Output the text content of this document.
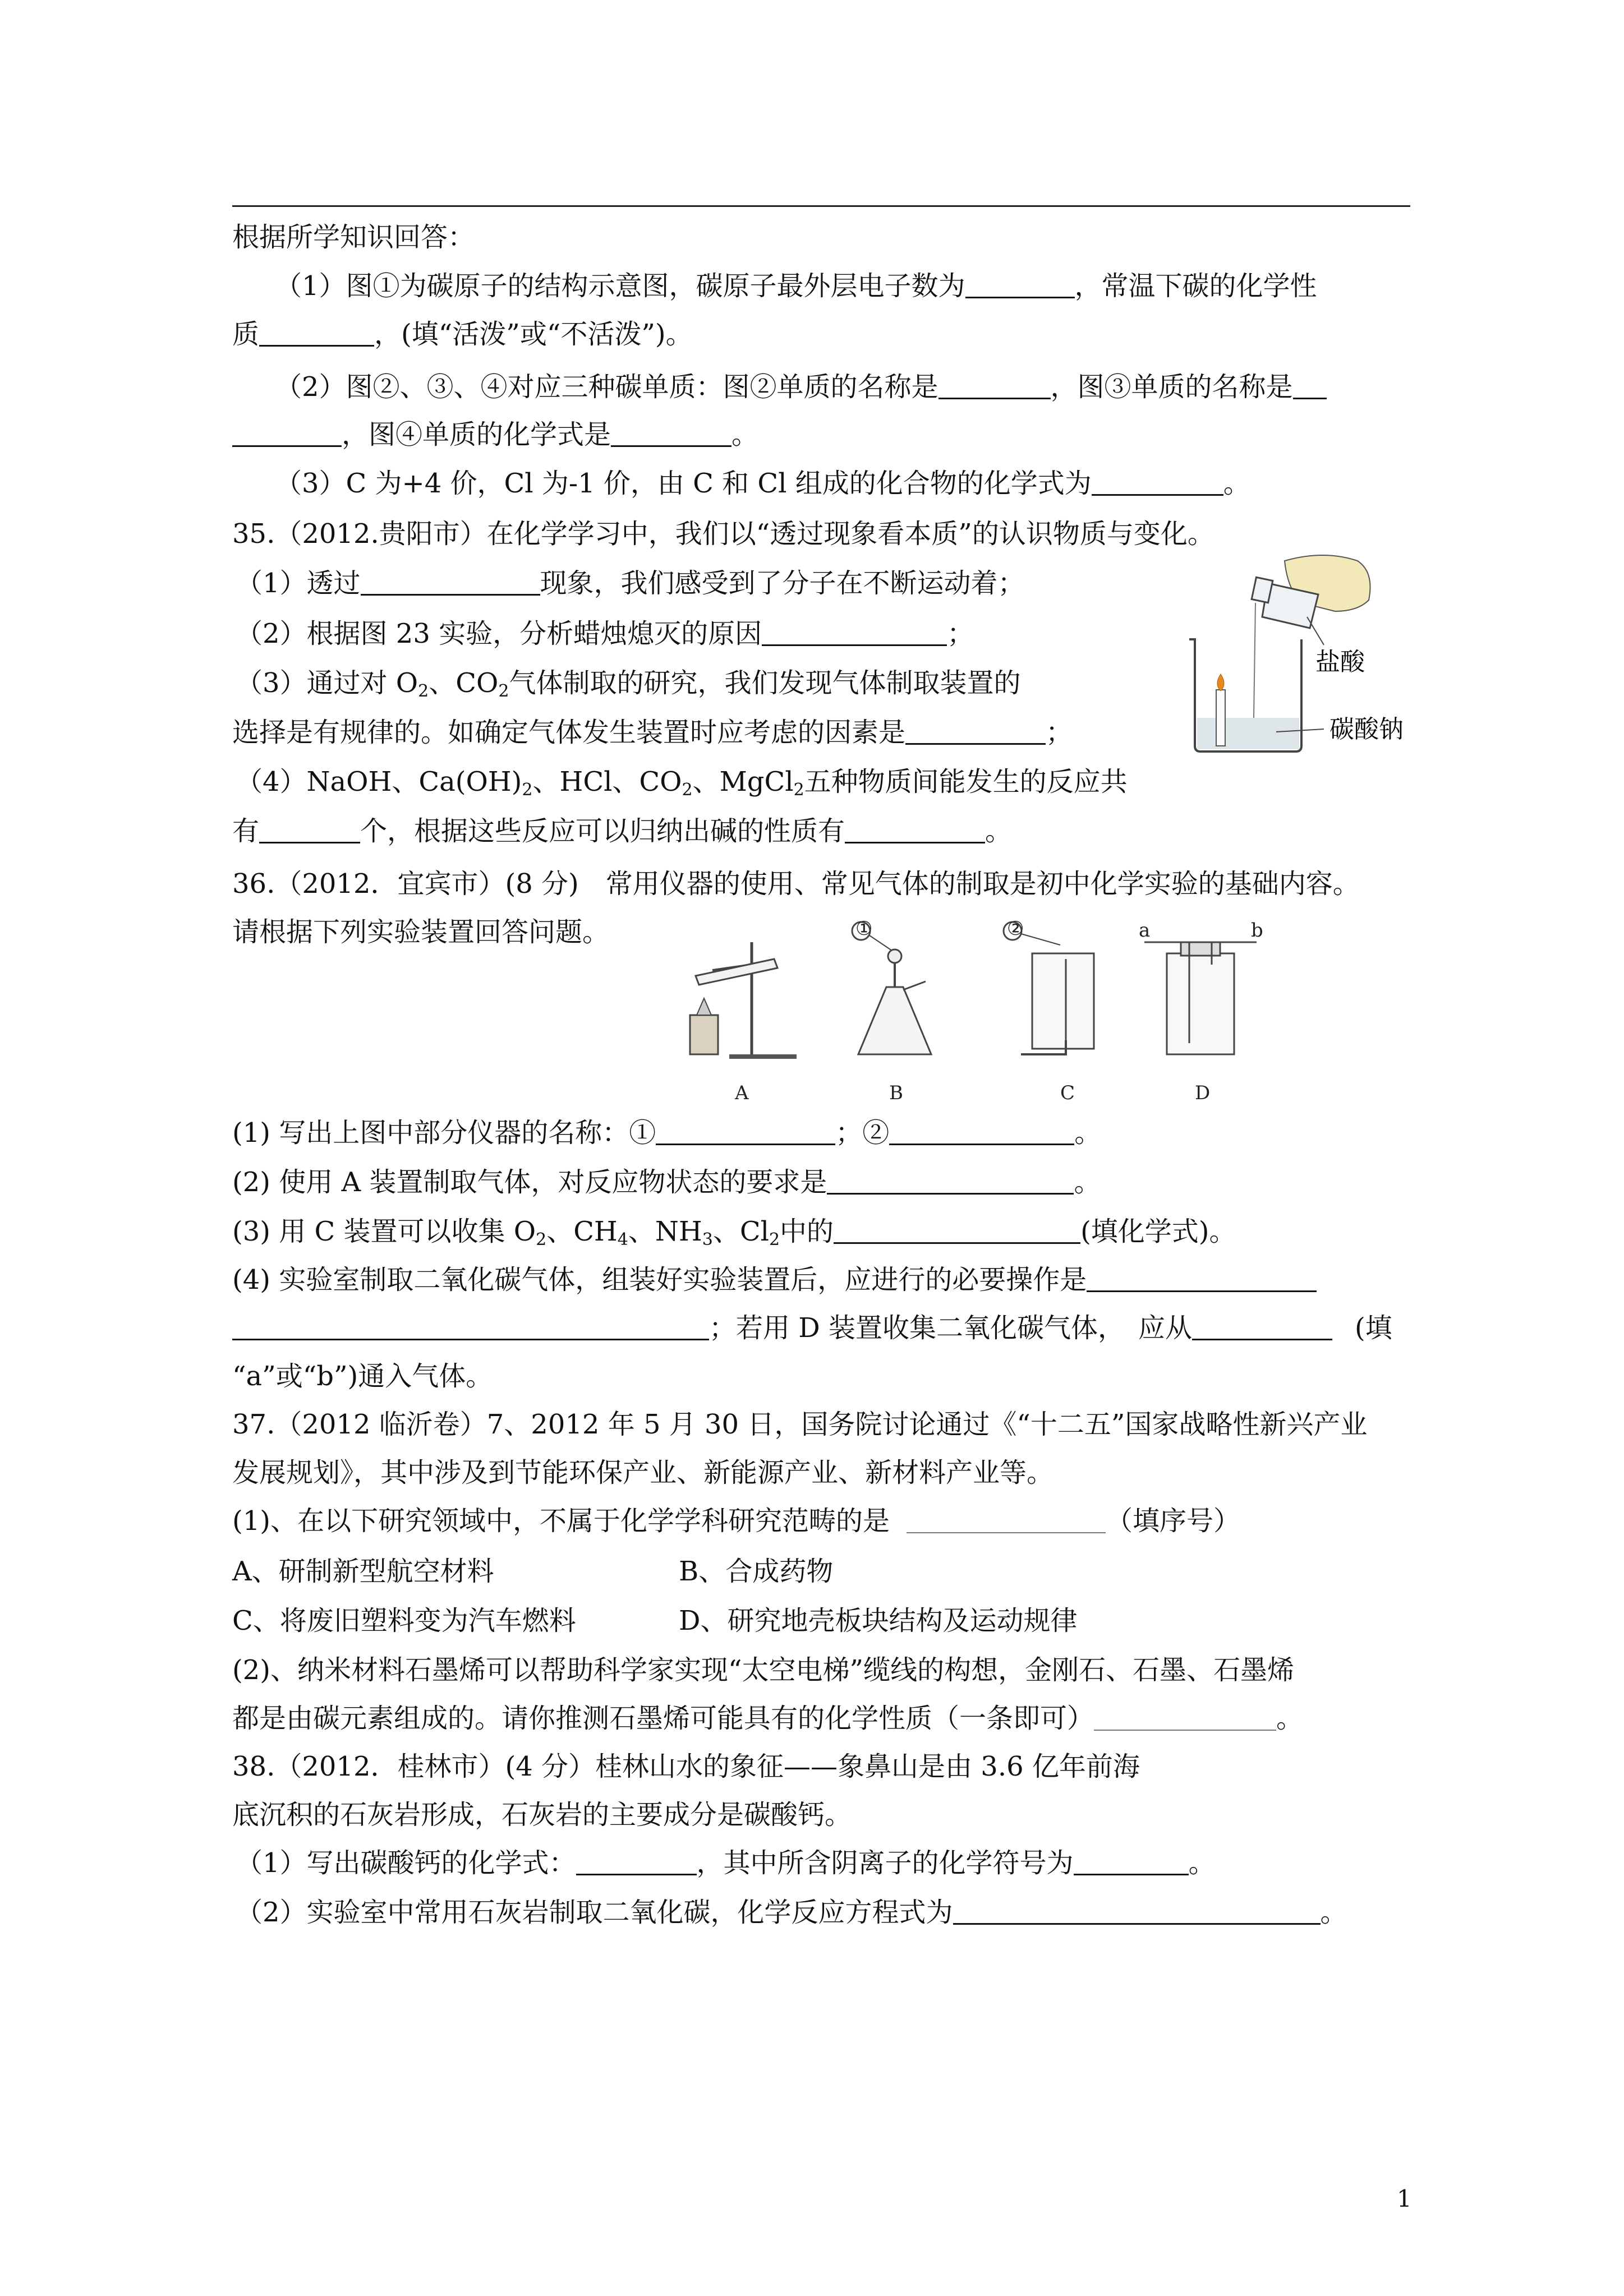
根据所学知识回答：
（1）图①为碳原子的结构示意图，碳原子最外层电子数为	，常温下碳的化学性
质	，(填“活泼”或“不活泼”)。
（2）图②、③、④对应三种碳单质：图②单质的名称是	，图③单质的名称是
，图④单质的化学式是	。
（3）C 为+4 价，Cl 为-1 价，由 C 和 Cl 组成的化合物的化学式为	。
35.（2012.贵阳市）在化学学习中，我们以“透过现象看本质”的认识物质与变化。
（1）透过	现象，我们感受到了分子在不断运动着；
（2）根据图 23 实验，分析蜡烛熄灭的原因	；
（3）通过对 $O_2$、$CO_2$气体制取的研究，我们发现气体制取装置的
选择是有规律的。如确定气体发生装置时应考虑的因素是	；
（4）NaOH、$Ca(OH)_2$、HCl、$CO_2$、MgCl$_2$五种物质间能发生的反应共
有	个，根据这些反应可以归纳出碱的性质有	。
盐酸
碳酸钠
36.（2012．宜宾市）(8 分)　常用仪器的使用、常见气体的制取是初中化学实验的基础内容。
请根据下列实验装置回答问题。
A
①
B
②
C
a	b
D
(1) 写出上图中部分仪器的名称：①	；②	。
(2) 使用 A 装置制取气体，对反应物状态的要求是	。
(3) 用 C 装置可以收集 $O_2$、$CH_4$、$NH_3$、$Cl_2$中的	(填化学式)。
(4) 实验室制取二氧化碳气体，组装好实验装置后，应进行的必要操作是
；若用 D 装置收集二氧化碳气体，　应从	(填
“a”或“b”)通入气体。
37.（2012 临沂卷）7、2012 年 5 月 30 日，国务院讨论通过《“十二五”国家战略性新兴产业
发展规划》，其中涉及到节能环保产业、新能源产业、新材料产业等。
(1)、在以下研究领域中，不属于化学学科研究范畴的是	（填序号）
A、研制新型航空材料	B、合成药物
C、将废旧塑料变为汽车燃料	D、研究地壳板块结构及运动规律
(2)、纳米材料石墨烯可以帮助科学家实现“太空电梯”缆线的构想，金刚石、石墨、石墨烯
都是由碳元素组成的。请你推测石墨烯可能具有的化学性质（一条即可）	。
38.（2012．桂林市）(4 分）桂林山水的象征——象鼻山是由 3.6 亿年前海
底沉积的石灰岩形成，石灰岩的主要成分是碳酸钙。
（1）写出碳酸钙的化学式：	，其中所含阴离子的化学符号为	。
（2）实验室中常用石灰岩制取二氧化碳，化学反应方程式为	。
1
